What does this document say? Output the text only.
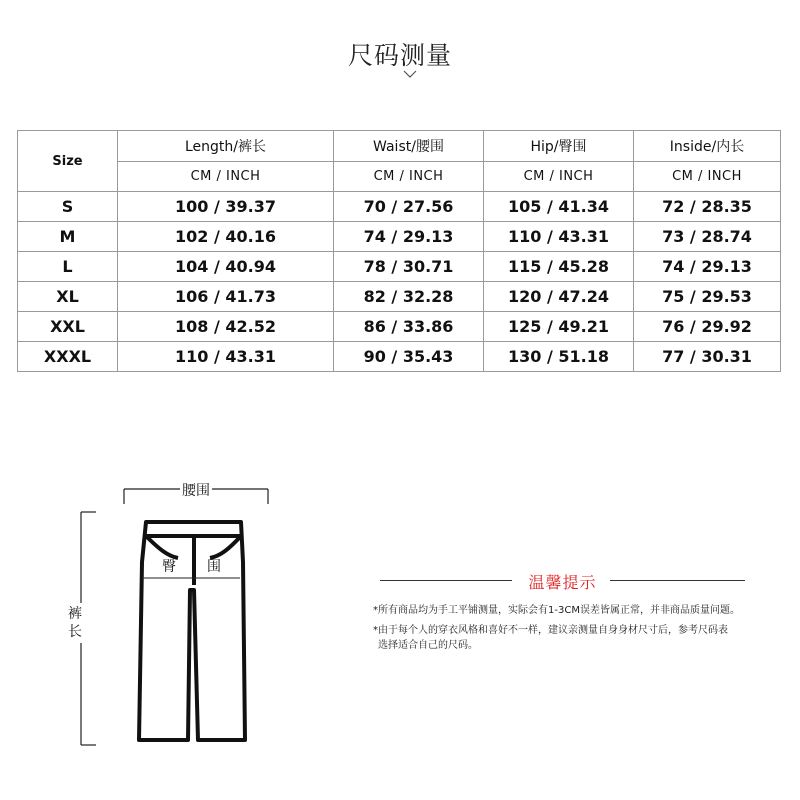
尺码测量
Size	Length/裤长	Waist/腰围	Hip/臀围	Inside/内长
	CM / INCH	CM / INCH	CM / INCH	CM / INCH
S	100 / 39.37	70 / 27.56	105 / 41.34	72 / 28.35
M	102 / 40.16	74 / 29.13	110 / 43.31	73 / 28.74
L	104 / 40.94	78 / 30.71	115 / 45.28	74 / 29.13
XL	106 / 41.73	82 / 32.28	120 / 47.24	75 / 29.53
XXL	108 / 42.52	86 / 33.86	125 / 49.21	76 / 29.92
XXXL	110 / 43.31	90 / 35.43	130 / 51.18	77 / 30.31
腰围
裤长
臀 围
温馨提示
*所有商品均为手工平铺测量，实际会有1-3CM误差皆属正常，并非商品质量问题。
*由于每个人的穿衣风格和喜好不一样，建议亲测量自身身材尺寸后，参考尺码表
选择适合自己的尺码。
